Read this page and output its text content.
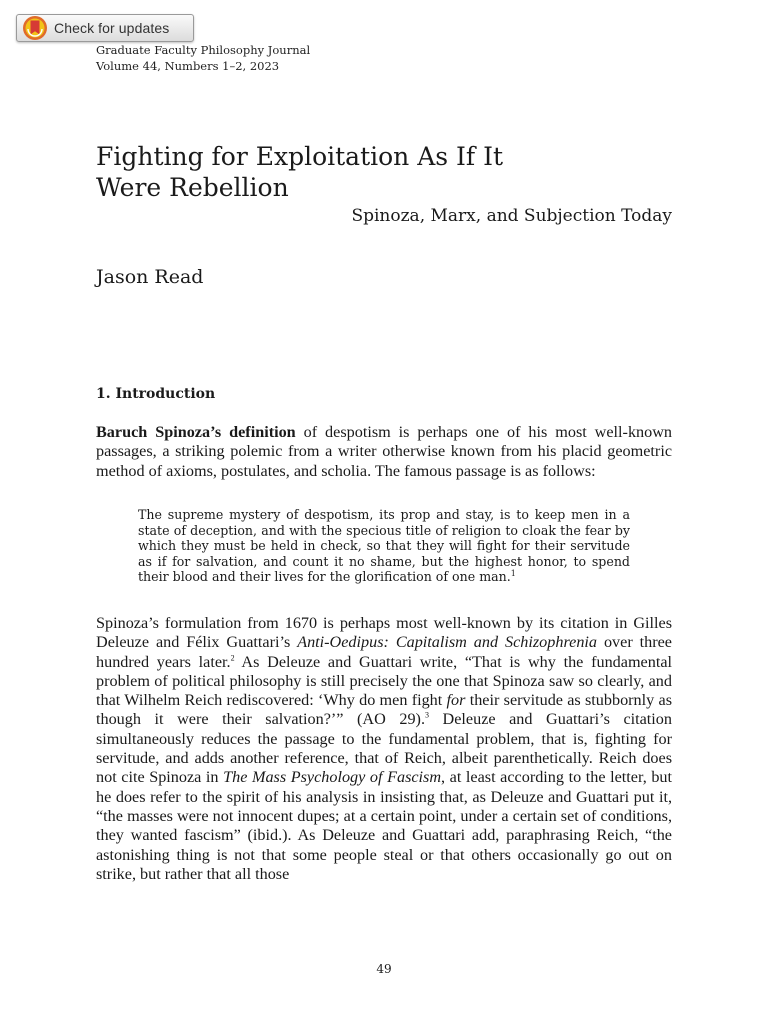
Check for updates
Graduate Faculty Philosophy Journal
Volume 44, Numbers 1–2, 2023
Fighting for Exploitation As If It
Were Rebellion
Spinoza, Marx, and Subjection Today
Jason Read
1. Introduction

Baruch Spinoza’s definition of despotism is perhaps one of his most well-known passages, a striking polemic from a writer otherwise known from his placid geometric method of axioms, postulates, and scholia. The famous passage is as follows:

The supreme mystery of despotism, its prop and stay, is to keep men in a state of deception, and with the specious title of religion to cloak the fear by which they must be held in check, so that they will fight for their servitude as if for salvation, and count it no shame, but the highest honor, to spend their blood and their lives for the glorification of one man.$^1$

Spinoza’s formulation from 1670 is perhaps most well-known by its citation in Gilles Deleuze and Félix Guattari’s Anti-Oedipus: Capitalism and Schizophrenia over three hundred years later.$^2$ As Deleuze and Guattari write, “That is why the fundamental problem of political philosophy is still precisely the one that Spinoza saw so clearly, and that Wilhelm Reich rediscovered: ‘Why do men fight for their servitude as stubbornly as though it were their salvation?’” (AO 29).$^3$ Deleuze and Guattari’s citation simultaneously reduces the passage to the fundamental problem, that is, fighting for servitude, and adds another reference, that of Reich, albeit parenthetically. Reich does not cite Spinoza in The Mass Psychology of Fascism, at least according to the letter, but he does refer to the spirit of his analysis in insisting that, as Deleuze and Guattari put it, “the masses were not innocent dupes; at a certain point, under a certain set of conditions, they wanted fascism” (ibid.). As Deleuze and Guattari add, paraphrasing Reich, “the astonishing thing is not that some people steal or that others occasionally go out on strike, but rather that all those

49
